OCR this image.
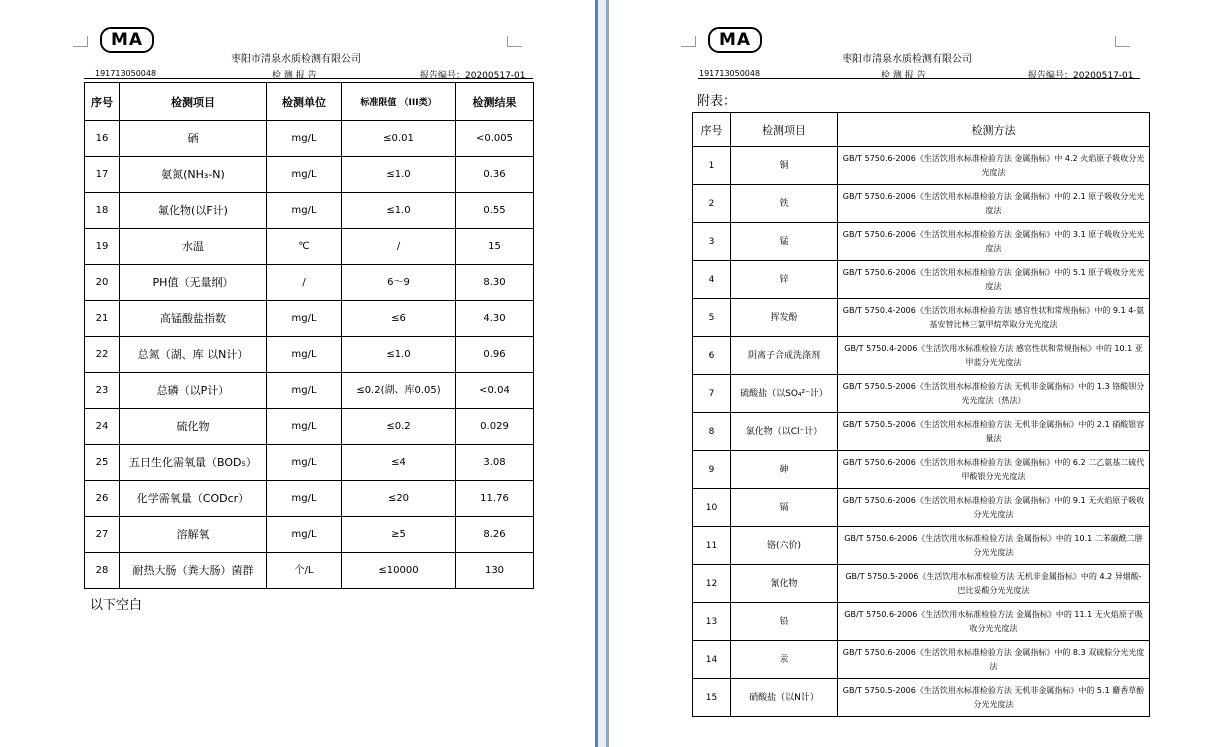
MA
枣阳市清泉水质检测有限公司
191713050048	检 测 报 告	报告编号：20200517-01
序号	检测项目	检测单位	标准限值 （III类）	检测结果
16	硒	mg/L	≤0.01	<0.005
17	氨氮(NH₃-N)	mg/L	≤1.0	0.36
18	氟化物(以F计)	mg/L	≤1.0	0.55
19	水温	℃	/	15
20	PH值（无量纲）	/	6～9	8.30
21	高锰酸盐指数	mg/L	≤6	4.30
22	总氮（湖、库 以N计）	mg/L	≤1.0	0.96
23	总磷（以P计）	mg/L	≤0.2(湖、库0.05)	<0.04
24	硫化物	mg/L	≤0.2	0.029
25	五日生化需氧量（BOD₅）	mg/L	≤4	3.08
26	化学需氧量（CODcr）	mg/L	≤20	11.76
27	溶解氧	mg/L	≥5	8.26
28	耐热大肠（粪大肠）菌群	个/L	≤10000	130
以下空白
MA
枣阳市清泉水质检测有限公司
191713050048	检 测 报 告	报告编号：20200517-01
附表：
序号	检测项目	检测方法
1	铜	GB/T 5750.6-2006《生活饮用水标准检验方法 金属指标》中 4.2 火焰原子吸收分光光度法
2	铁	GB/T 5750.6-2006《生活饮用水标准检验方法 金属指标》中的 2.1 原子吸收分光光度法
3	锰	GB/T 5750.6-2006《生活饮用水标准检验方法 金属指标》中的 3.1 原子吸收分光光度法
4	锌	GB/T 5750.6-2006《生活饮用水标准检验方法 金属指标》中的 5.1 原子吸收分光光度法
5	挥发酚	GB/T 5750.4-2006《生活饮用水标准检验方法 感官性状和常规指标》中的 9.1 4-氨基安替比林三氯甲烷萃取分光光度法
6	阴离子合成洗涤剂	GB/T 5750.4-2006《生活饮用水标准检验方法 感官性状和常规指标》中的 10.1 亚甲蓝分光光度法
7	硫酸盐（以SO₄²⁻计）	GB/T 5750.5-2006《生活饮用水标准检验方法 无机非金属指标》中的 1.3 铬酸钡分光光度法（热法）
8	氯化物（以Cl⁻计）	GB/T 5750.5-2006《生活饮用水标准检验方法 无机非金属指标》中的 2.1 硝酸银容量法
9	砷	GB/T 5750.6-2006《生活饮用水标准检验方法 金属指标》中的 6.2 二乙氨基二硫代甲酸银分光光度法
10	镉	GB/T 5750.6-2006《生活饮用水标准检验方法 金属指标》中的 9.1 无火焰原子吸收分光光度法
11	铬(六价)	GB/T 5750.6-2006《生活饮用水标准检验方法 金属指标》中的 10.1 二苯碳酰二肼分光光度法
12	氰化物	GB/T 5750.5-2006《生活饮用水标准检验方法 无机非金属指标》中的 4.2 异烟酸-巴比妥酸分光光度法
13	铅	GB/T 5750.6-2006《生活饮用水标准检验方法 金属指标》中的 11.1 无火焰原子吸收分光光度法
14	汞	GB/T 5750.6-2006《生活饮用水标准检验方法 金属指标》中的 8.3 双硫腙分光光度法
15	硝酸盐（以N计）	GB/T 5750.5-2006《生活饮用水标准检验方法 无机非金属指标》中的 5.1 麝香草酚分光光度法
